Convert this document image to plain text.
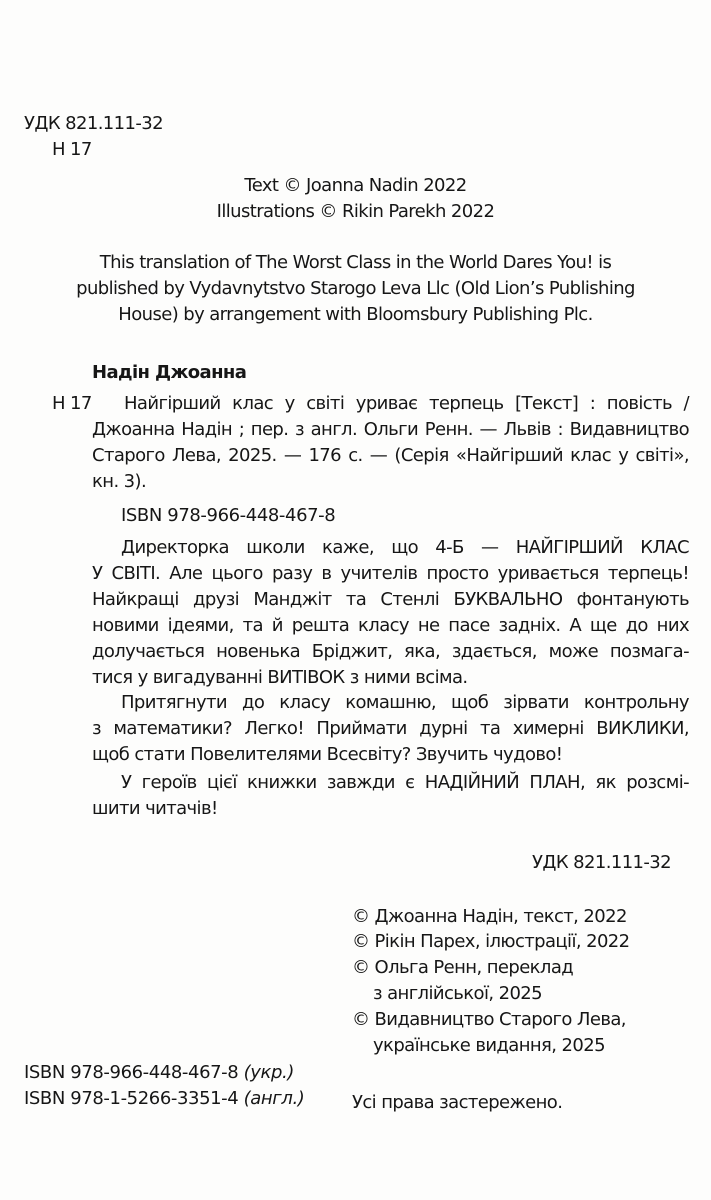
УДК 821.111-32
Н 17
Text © Joanna Nadin 2022
Illustrations © Rikin Parekh 2022
This translation of The Worst Class in the World Dares You! is
published by Vydavnytstvo Starogo Leva Llc (Old Lion’s Publishing
House) by arrangement with Bloomsbury Publishing Plc.
Надін Джоанна
Н 17 Найгірший клас у світі уриває терпець [Текст] : повість /
Джоанна Надін ; пер. з англ. Ольги Ренн. — Львів : Видавництво
Старого Лева, 2025. — 176 с. — (Серія «Найгірший клас у світі»,
кн. 3).
ISBN 978-966-448-467-8
Директорка школи каже, що 4-Б — НАЙГІРШИЙ КЛАС
У СВІТІ. Але цього разу в учителів просто уривається терпець!
Найкращі друзі Манджіт та Стенлі БУКВАЛЬНО фонтанують
новими ідеями, та й решта класу не пасе задніх. А ще до них
долучається новенька Бріджит, яка, здається, може позмага-
тися у вигадуванні ВИТІВОК з ними всіма.
Притягнути до класу комашню, щоб зірвати контрольну
з математики? Легко! Приймати дурні та химерні ВИКЛИКИ,
щоб стати Повелителями Всесвіту? Звучить чудово!
У героїв цієї книжки завжди є НАДІЙНИЙ ПЛАН, як розсмі-
шити читачів!
УДК 821.111-32
© Джоанна Надін, текст, 2022
© Рікін Парех, ілюстрації, 2022
© Ольга Ренн, переклад
з англійської, 2025
© Видавництво Старого Лева,
українське видання, 2025
ISBN 978-966-448-467-8 (укр.)
ISBN 978-1-5266-3351-4 (англ.)	Усі права застережено.
